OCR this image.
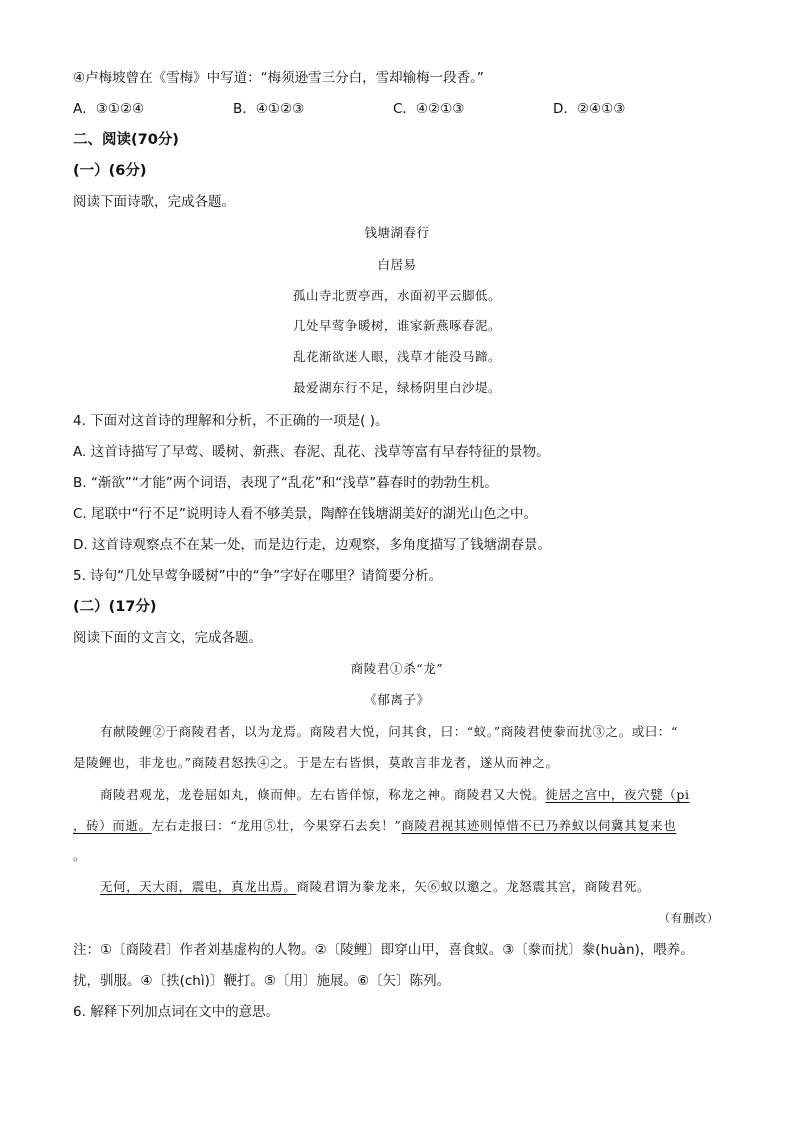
④卢梅坡曾在《雪梅》中写道：“梅须逊雪三分白，雪却输梅一段香。”
A．③①②④	B．④①②③	C．④②①③	D．②④①③
二、阅读(70分)
(一）(6分)
阅读下面诗歌，完成各题。
钱塘湖春行
白居易
孤山寺北贾亭西，水面初平云脚低。
几处早莺争暖树，谁家新燕啄春泥。
乱花渐欲迷人眼，浅草才能没马蹄。
最爱湖东行不足，绿杨阴里白沙堤。
4. 下面对这首诗的理解和分析，不正确的一项是( )。
A. 这首诗描写了早莺、暖树、新燕、春泥、乱花、浅草等富有早春特征的景物。
B. “渐欲”“才能”两个词语，表现了“乱花”和“浅草”暮春时的勃勃生机。
C. 尾联中“行不足”说明诗人看不够美景，陶醉在钱塘湖美好的湖光山色之中。
D. 这首诗观察点不在某一处，而是边行走，边观察，多角度描写了钱塘湖春景。
5. 诗句“几处早莺争暖树”中的“争”字好在哪里？请简要分析。
(二）(17分)
阅读下面的文言文，完成各题。
商陵君①杀“龙”
《郁离子》
有献陵鲤②于商陵君者，以为龙焉。商陵君大悦，问其食，曰：“蚁。”商陵君使豢而扰③之。或曰：“
是陵鲤也，非龙也。”商陵君怒抶④之。于是左右皆惧，莫敢言非龙者，遂从而神之。
商陵君观龙，龙卷屈如丸，倏而伸。左右皆佯惊，称龙之神。商陵君又大悦。徙居之宫中，夜穴甓（pi
，砖）而逝。左右走报曰：“龙用⑤壮，今果穿石去矣！”商陵君视其迹则悼惜不已乃养蚁以伺冀其复来也
。
无何，天大雨，震电，真龙出焉。商陵君谓为豢龙来，矢⑥蚁以邀之。龙怒震其宫，商陵君死。
（有删改）
注：①〔商陵君〕作者刘基虚构的人物。②〔陵鲤〕即穿山甲，喜食蚁。③〔豢而扰〕豢(huàn)，喂养。
扰，驯服。④〔抶(chì)〕鞭打。⑤〔用〕施展。⑥〔矢〕陈列。
6. 解释下列加点词在文中的意思。
